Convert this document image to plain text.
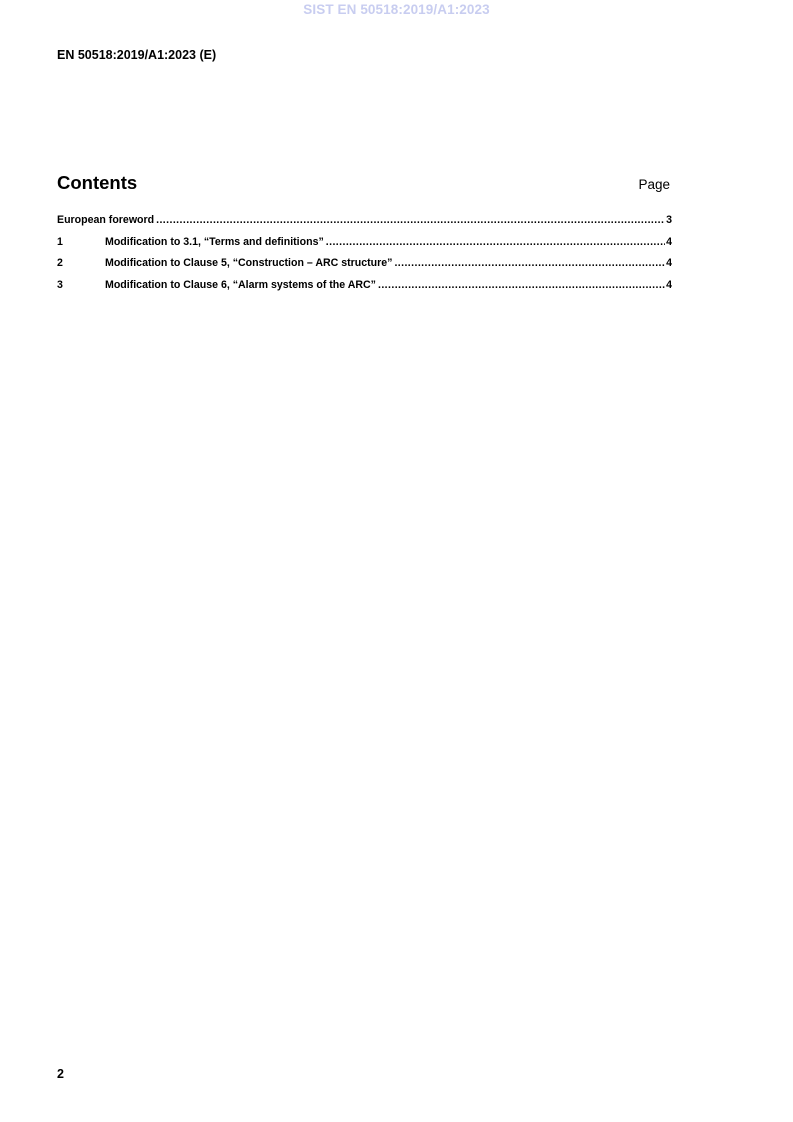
SIST EN 50518:2019/A1:2023
EN 50518:2019/A1:2023 (E)
Contents	Page
European foreword .....	3
1	Modification to 3.1, “Terms and definitions” .....	4
2	Modification to Clause 5, “Construction – ARC structure” .....	4
3	Modification to Clause 6, “Alarm systems of the ARC” .....	4
2
